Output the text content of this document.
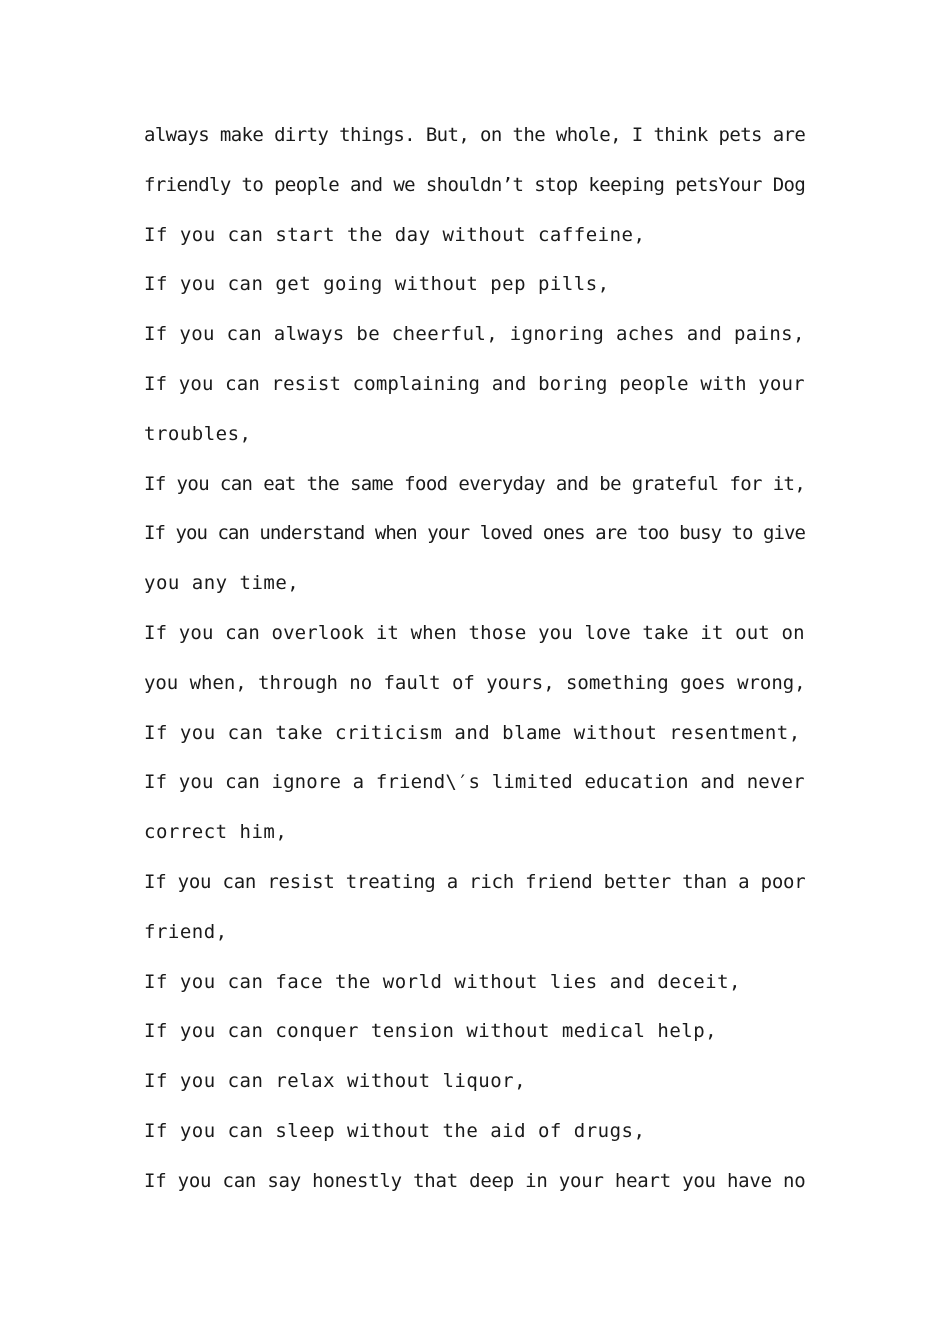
always make dirty things. But, on the whole, I think pets are
friendly to people and we shouldn’t stop keeping petsYour Dog
If you can start the day without caffeine,
If you can get going without pep pills,
If you can always be cheerful, ignoring aches and pains,
If you can resist complaining and boring people with your
troubles,
If you can eat the same food everyday and be grateful for it,
If you can understand when your loved ones are too busy to give
you any time,
If you can overlook it when those you love take it out on
you when, through no fault of yours, something goes wrong,
If you can take criticism and blame without resentment,
If you can ignore a friend\′s limited education and never
correct him,
If you can resist treating a rich friend better than a poor
friend,
If you can face the world without lies and deceit,
If you can conquer tension without medical help,
If you can relax without liquor,
If you can sleep without the aid of drugs,
If you can say honestly that deep in your heart you have no
